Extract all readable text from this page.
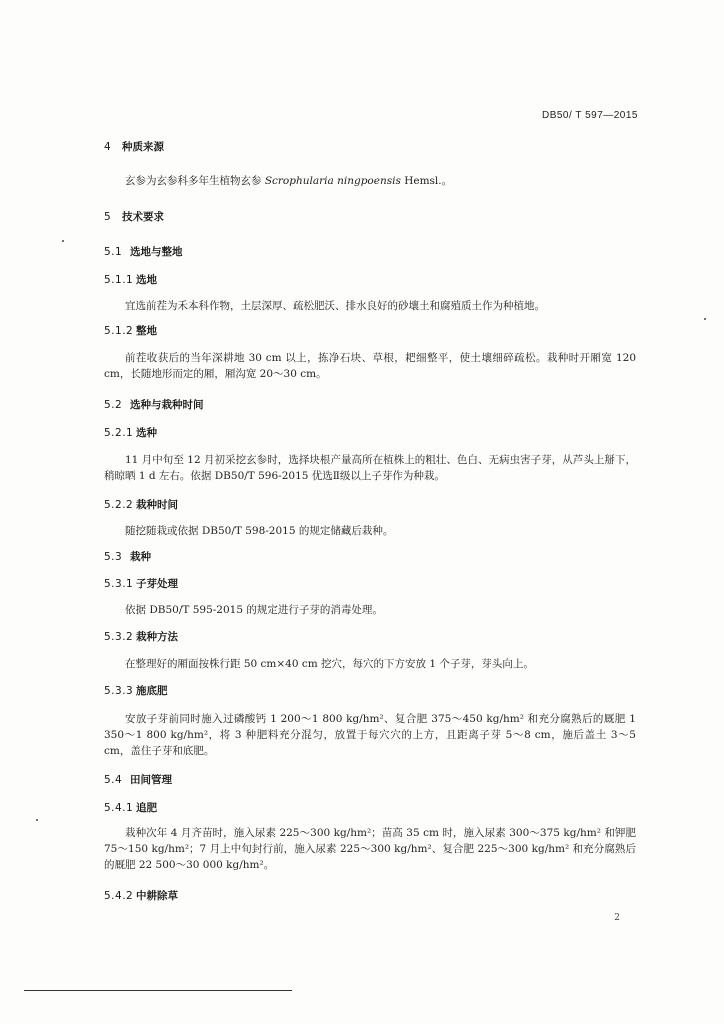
DB50/ T 597—2015
4 种质来源
玄参为玄参科多年生植物玄参 Scrophularia ningpoensis Hemsl.。
5 技术要求
5.1 选地与整地
5.1.1 选地
宜选前茬为禾本科作物，土层深厚、疏松肥沃、排水良好的砂壤土和腐殖质土作为种植地。
5.1.2 整地
前茬收获后的当年深耕地 30 cm 以上，拣净石块、草根，耙细整平，使土壤细碎疏松。栽种时开厢宽 120 cm，长随地形而定的厢，厢沟宽 20～30 cm。
5.2 选种与栽种时间
5.2.1 选种
11 月中旬至 12 月初采挖玄参时，选择块根产量高所在植株上的粗壮、色白、无病虫害子芽，从芦头上掰下，稍晾晒 1 d 左右。依据 DB50/T 596-2015 优选Ⅱ级以上子芽作为种栽。
5.2.2 栽种时间
随挖随栽或依据 DB50/T 598-2015 的规定储藏后栽种。
5.3 栽种
5.3.1 子芽处理
依据 DB50/T 595-2015 的规定进行子芽的消毒处理。
5.3.2 栽种方法
在整理好的厢面按株行距 50 cm×40 cm 挖穴，每穴的下方安放 1 个子芽，芽头向上。
5.3.3 施底肥
安放子芽前同时施入过磷酸钙 1 200～1 800 kg/hm²、复合肥 375～450 kg/hm² 和充分腐熟后的厩肥 1 350～1 800 kg/hm²，将 3 种肥料充分混匀，放置于每穴穴的上方，且距离子芽 5～8 cm，施后盖土 3～5 cm，盖住子芽和底肥。
5.4 田间管理
5.4.1 追肥
栽种次年 4 月齐苗时，施入尿素 225～300 kg/hm²；苗高 35 cm 时，施入尿素 300～375 kg/hm² 和钾肥 75～150 kg/hm²；7 月上中旬封行前，施入尿素 225～300 kg/hm²、复合肥 225～300 kg/hm² 和充分腐熟后的厩肥 22 500～30 000 kg/hm²。
5.4.2 中耕除草
2
